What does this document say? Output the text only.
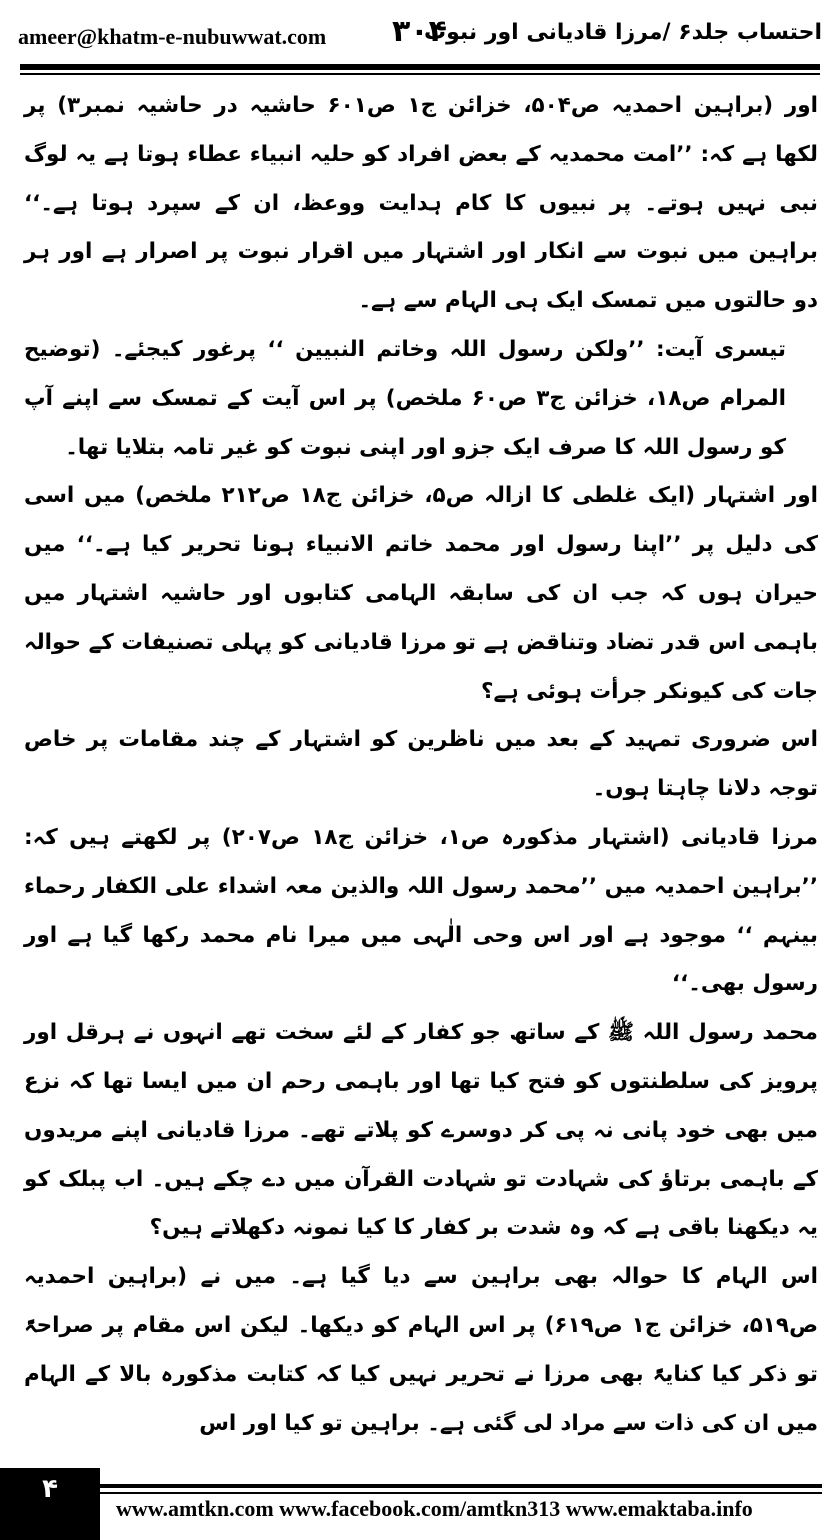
ameer@khatm-e-nubuwwat.com ۳۰۴
احتساب جلد۶ /مرزا قادیانی اور نبوت

اور (براہین احمدیہ ص۵۰۴، خزائن ج۱ ص۶۰۱ حاشیہ در حاشیہ نمبر۳) پر لکھا ہے کہ: ’’امت محمدیہ کے بعض افراد کو حلیہ انبیاء عطاء ہوتا ہے یہ لوگ نبی نہیں ہوتے۔ پر نبیوں کا کام ہدایت ووعظ، ان کے سپرد ہوتا ہے۔‘‘ براہین میں نبوت سے انکار اور اشتہار میں اقرار نبوت پر اصرار ہے اور ہر دو حالتوں میں تمسک ایک ہی الہام سے ہے۔

تیسری آیت: ’’ولکن رسول اللہ وخاتم النبیین ‘‘ پرغور کیجئے۔ (توضیح المرام ص۱۸، خزائن ج۳ ص۶۰ ملخص) پر اس آیت کے تمسک سے اپنے آپ کو رسول اللہ کا صرف ایک جزو اور اپنی نبوت کو غیر تامہ بتلایا تھا۔

اور اشتہار (ایک غلطی کا ازالہ ص۵، خزائن ج۱۸ ص۲۱۲ ملخص) میں اسی کی دلیل پر ’’اپنا رسول اور محمد خاتم الانبیاء ہونا تحریر کیا ہے۔‘‘ میں حیران ہوں کہ جب ان کی سابقہ الہامی کتابوں اور حاشیہ اشتہار میں باہمی اس قدر تضاد وتناقض ہے تو مرزا قادیانی کو پہلی تصنیفات کے حوالہ جات کی کیونکر جرأت ہوئی ہے؟

اس ضروری تمہید کے بعد میں ناظرین کو اشتہار کے چند مقامات پر خاص توجہ دلانا چاہتا ہوں۔

مرزا قادیانی (اشتہار مذکورہ ص۱، خزائن ج۱۸ ص۲۰۷) پر لکھتے ہیں کہ: ’’براہین احمدیہ میں ’’محمد رسول اللہ والذین معہ اشداء علی الکفار رحماء بینہم ‘‘ موجود ہے اور اس وحی الٰہی میں میرا نام محمد رکھا گیا ہے اور رسول بھی۔‘‘

محمد رسول اللہ ﷺ کے ساتھ جو کفار کے لئے سخت تھے انہوں نے ہرقل اور پرویز کی سلطنتوں کو فتح کیا تھا اور باہمی رحم ان میں ایسا تھا کہ نزع میں بھی خود پانی نہ پی کر دوسرے کو پلاتے تھے۔ مرزا قادیانی اپنے مریدوں کے باہمی برتاؤ کی شہادت تو شہادت القرآن میں دے چکے ہیں۔ اب پبلک کو یہ دیکھنا باقی ہے کہ وہ شدت بر کفار کا کیا نمونہ دکھلاتے ہیں؟

اس الہام کا حوالہ بھی براہین سے دیا گیا ہے۔ میں نے (براہین احمدیہ ص۵۱۹، خزائن ج۱ ص۶۱۹) پر اس الہام کو دیکھا۔ لیکن اس مقام پر صراحۃً تو ذکر کیا کنایۃً بھی مرزا نے تحریر نہیں کیا کہ کتابت مذکورہ بالا کے الہام میں ان کی ذات سے مراد لی گئی ہے۔ براہین تو کیا اور اس

۴
www.amtkn.com www.facebook.com/amtkn313 www.emaktaba.info
